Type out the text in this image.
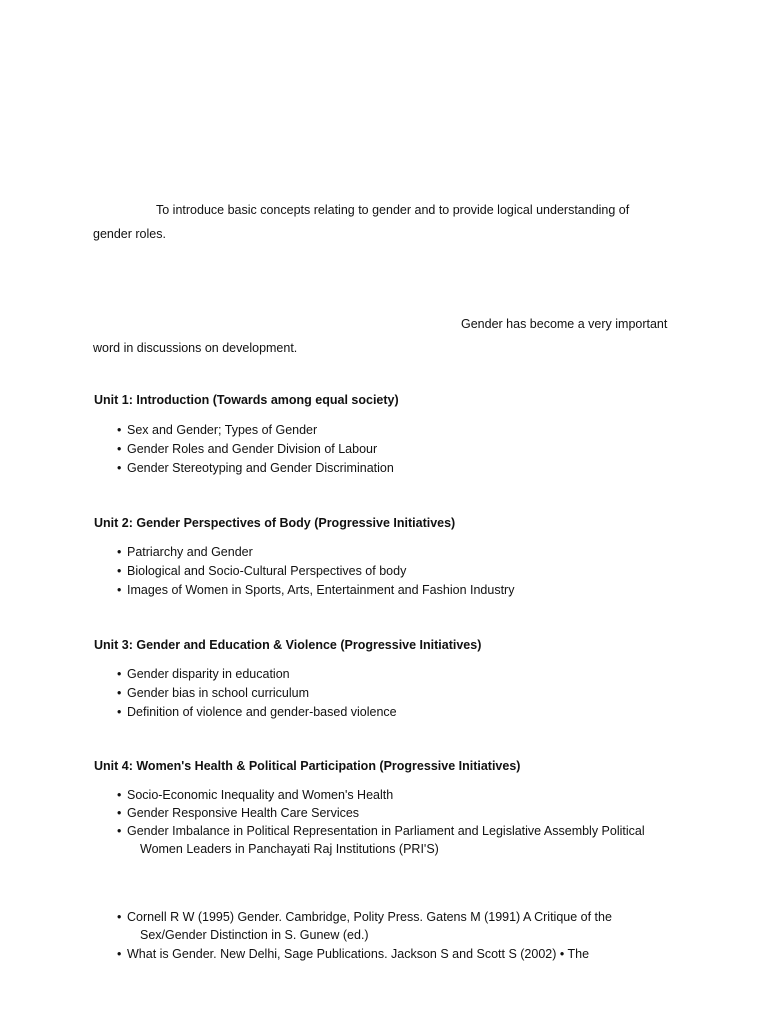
To introduce basic concepts relating to gender and to provide logical understanding of
gender roles.
Gender has become a very important
word in discussions on development.
Unit 1: Introduction (Towards among equal society)
• Sex and Gender; Types of Gender
• Gender Roles and Gender Division of Labour
• Gender Stereotyping and Gender Discrimination
Unit 2: Gender Perspectives of Body (Progressive Initiatives)
• Patriarchy and Gender
• Biological and Socio-Cultural Perspectives of body
• Images of Women in Sports, Arts, Entertainment and Fashion Industry
Unit 3: Gender and Education & Violence (Progressive Initiatives)
• Gender disparity in education
• Gender bias in school curriculum
• Definition of violence and gender-based violence
Unit 4: Women's Health & Political Participation (Progressive Initiatives)
• Socio-Economic Inequality and Women's Health
• Gender Responsive Health Care Services
• Gender Imbalance in Political Representation in Parliament and Legislative Assembly Political
Women Leaders in Panchayati Raj Institutions (PRI'S)
• Cornell R W (1995) Gender. Cambridge, Polity Press. Gatens M (1991) A Critique of the
Sex/Gender Distinction in S. Gunew (ed.)
• What is Gender. New Delhi, Sage Publications. Jackson S and Scott S (2002) • The
